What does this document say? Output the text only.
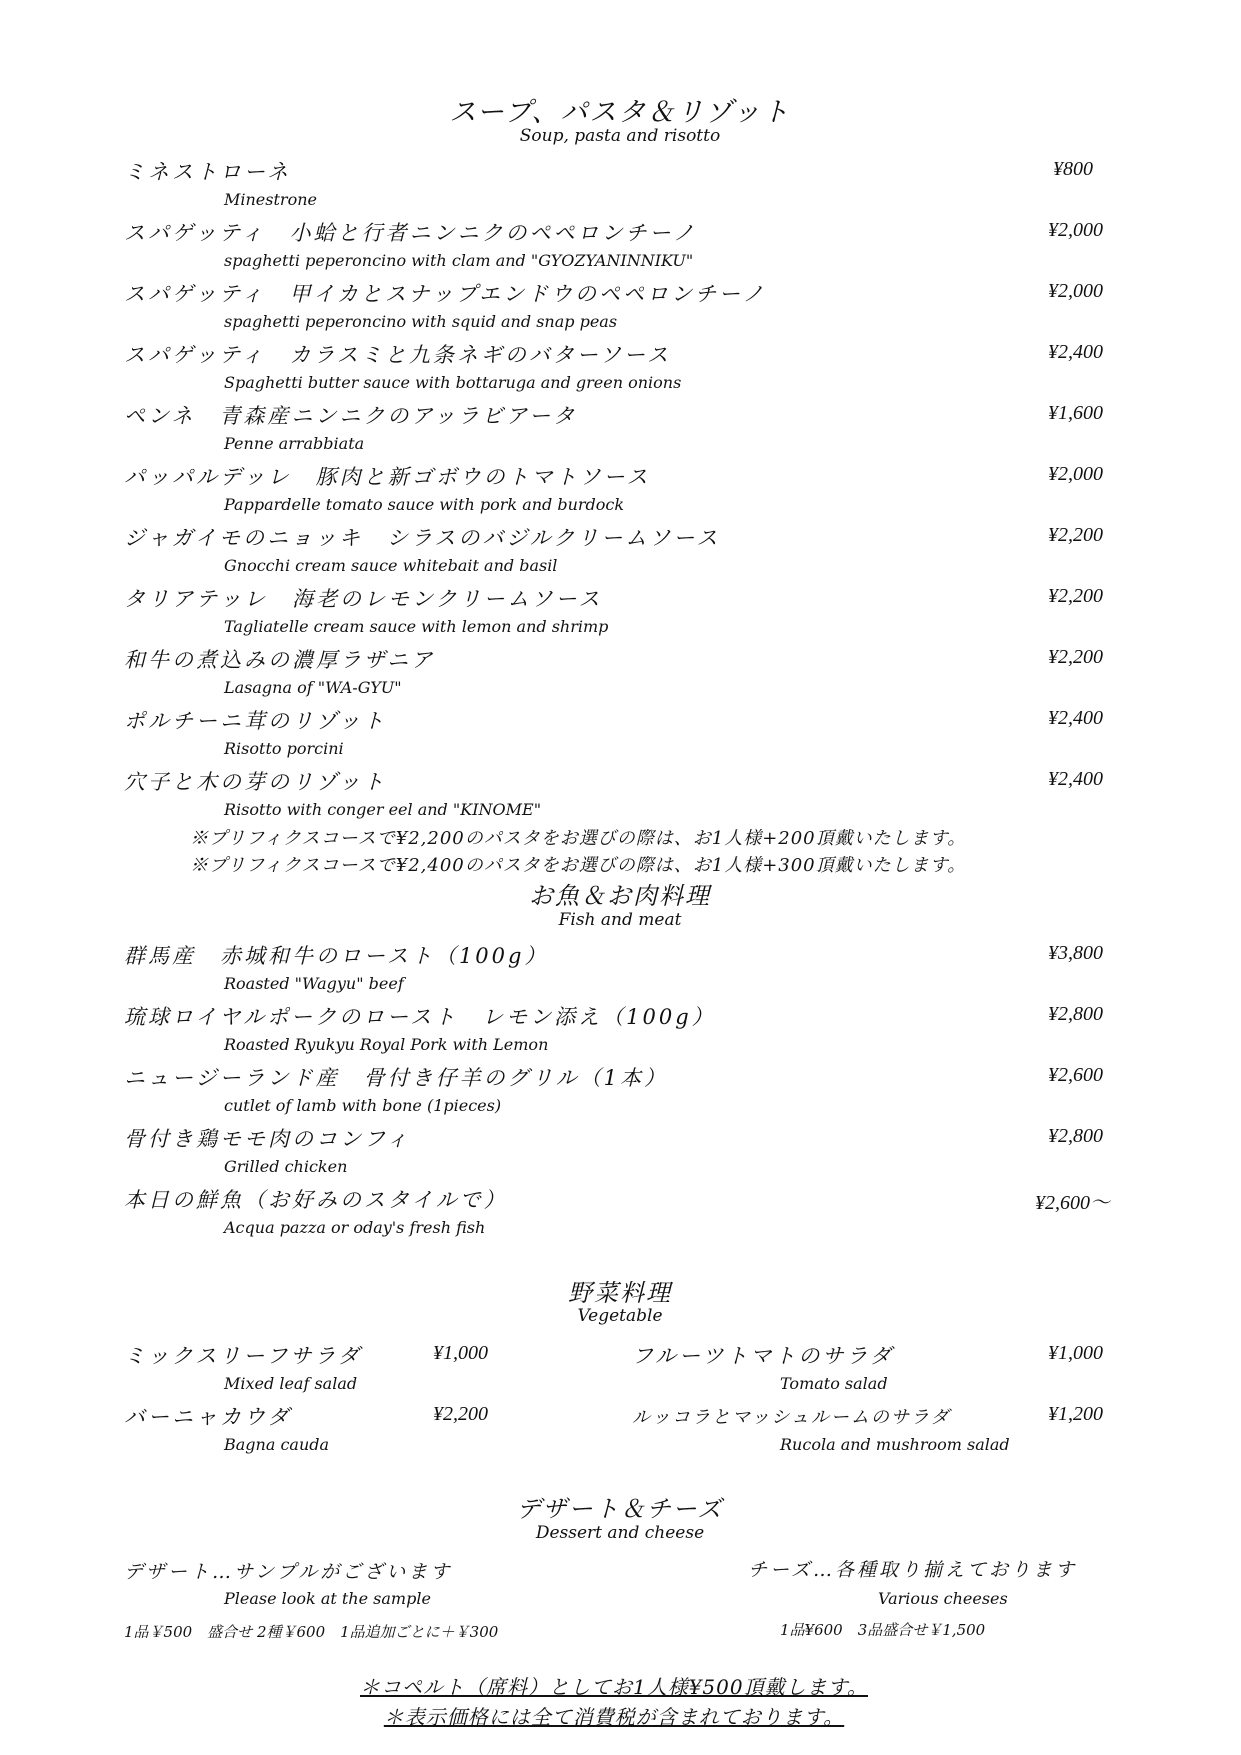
スープ、パスタ＆リゾット
Soup, pasta and risotto
ミネストローネ
Minestrone
¥800
スパゲッティ　小蛤と行者ニンニクのペペロンチーノ
spaghetti peperoncino with clam and "GYOZYANINNIKU"
¥2,000
スパゲッティ　甲イカとスナップエンドウのペペロンチーノ
spaghetti peperoncino with squid and snap peas
¥2,000
スパゲッティ　カラスミと九条ネギのバターソース
Spaghetti butter sauce with bottaruga and green onions
¥2,400
ペンネ　青森産ニンニクのアッラビアータ
Penne arrabbiata
¥1,600
パッパルデッレ　豚肉と新ゴボウのトマトソース
Pappardelle tomato sauce with pork and burdock
¥2,000
ジャガイモのニョッキ　シラスのバジルクリームソース
Gnocchi cream sauce whitebait and basil
¥2,200
タリアテッレ　海老のレモンクリームソース
Tagliatelle cream sauce with lemon and shrimp
¥2,200
和牛の煮込みの濃厚ラザニア
Lasagna of "WA-GYU"
¥2,200
ポルチーニ茸のリゾット
Risotto porcini
¥2,400
穴子と木の芽のリゾット
Risotto with conger eel and "KINOME"
¥2,400
※プリフィクスコースで¥2,200のパスタをお選びの際は、お1人様+200頂戴いたします。
※プリフィクスコースで¥2,400のパスタをお選びの際は、お1人様+300頂戴いたします。
お魚＆お肉料理
Fish and meat
群馬産　赤城和牛のロースト（100g）
Roasted "Wagyu" beef
¥3,800
琉球ロイヤルポークのロースト　レモン添え（100g）
Roasted Ryukyu Royal Pork with Lemon
¥2,800
ニュージーランド産　骨付き仔羊のグリル（1本）
cutlet of lamb with bone (1pieces)
¥2,600
骨付き鶏モモ肉のコンフィ
Grilled chicken
¥2,800
本日の鮮魚（お好みのスタイルで）
Acqua pazza or oday's fresh fish
¥2,600～
野菜料理
Vegetable
ミックスリーフサラダ
Mixed leaf salad
¥1,000
バーニャカウダ
Bagna cauda
¥2,200
フルーツトマトのサラダ
Tomato salad
¥1,000
ルッコラとマッシュルームのサラダ
Rucola and mushroom salad
¥1,200
デザート＆チーズ
Dessert and cheese
デザート…サンプルがございます
Please look at the sample
1品￥500　盛合せ 2種￥600　1品追加ごとに＋￥300
チーズ…各種取り揃えております
Various cheeses
1品¥600　3品盛合せ￥1,500
＊コペルト（席料）としてお1人様¥500頂戴します。
＊表示価格には全て消費税が含まれております。
